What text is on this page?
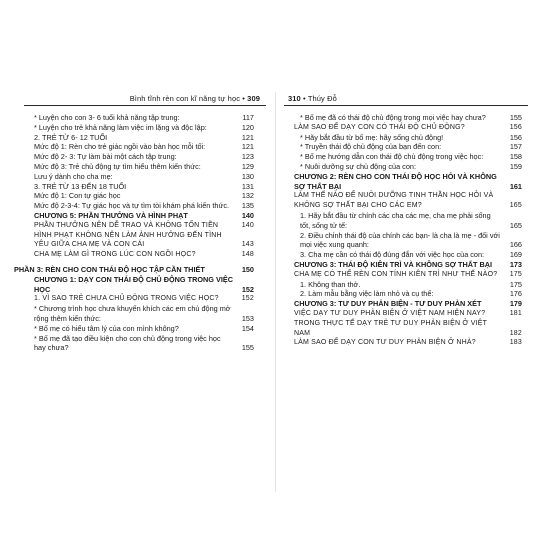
Bình tĩnh rèn con kĩ năng tự học • 309
* Luyện cho con 3- 6 tuổi khả năng tập trung:	117
* Luyện cho trẻ khả năng làm việc im lặng và độc lập:	120
2. TRẺ TỪ 6- 12 TUỔI	121
Mức độ 1: Rèn cho trẻ giác ngồi vào bàn học mỗi tối:	121
Mức độ 2- 3: Tự làm bài một cách tập trung:	123
Mức độ 3: Trẻ chủ động tự tìm hiểu thêm kiến thức:	129
Lưu ý dành cho cha mẹ:	130
3. TRẺ TỪ 13 ĐẾN 18 TUỔI	131
Mức độ 1: Con tự giác học	132
Mức độ 2-3-4: Tự giác học và tự tìm tòi khám phá kiến thức.	135
CHƯƠNG 5: PHẦN THƯỞNG VÀ HÌNH PHẠT	140
PHẦN THƯỞNG NÊN DỄ TRAO VÀ KHÔNG TỐN TIỀN	140
HÌNH PHẠT KHÔNG NÊN LÀM ẢNH HƯỞNG ĐẾN TÌNH YÊU GIỮA CHA MẸ VÀ CON CÁI	143
CHA MẸ LÀM GÌ TRONG LÚC CON NGỒI HỌC?	148
PHẦN 3: RÈN CHO CON THÁI ĐỘ HỌC TẬP CẦN THIẾT	150
CHƯƠNG 1: DẠY CON THÁI ĐỘ CHỦ ĐỘNG TRONG VIỆC HỌC	152
1. VÌ SAO TRẺ CHƯA CHỦ ĐỘNG TRONG VIỆC HỌC?	152
* Chương trình học chưa khuyến khích các em chủ động mở rộng thêm kiến thức:	153
* Bố mẹ có hiểu tâm lý của con mình không?	154
* Bố mẹ đã tạo điều kiện cho con chủ động trong việc học hay chưa?	155
310 • Thúy Đỗ
* Bố mẹ đã có thái độ chủ động trong mọi việc hay chưa?	155
LÀM SAO ĐỂ DẠY CON CÓ THÁI ĐỘ CHỦ ĐỘNG?	156
* Hãy bắt đầu từ bố mẹ: hãy sống chủ động!	156
* Truyền thái độ chủ động của bạn đến con:	157
* Bố mẹ hướng dẫn con thái độ chủ động trong việc học:	158
* Nuôi dưỡng sự chủ động của con:	159
CHƯƠNG 2: RÈN CHO CON THÁI ĐỘ HỌC HỎI VÀ KHÔNG SỢ THẤT BẠI	161
LÀM THẾ NÀO ĐỂ NUÔI DƯỠNG TINH THẦN HỌC HỎI VÀ KHÔNG SỢ THẤT BẠI CHO CÁC EM?	165
1. Hãy bắt đầu từ chính các cha các mẹ, cha mẹ phải sống tốt, sống tử tế:	165
2. Điều chỉnh thái độ của chính các bạn- là cha là mẹ - đối với mọi việc xung quanh:	166
3. Cha mẹ cần có thái độ đúng đắn với việc học của con:	169
CHƯƠNG 3: THÁI ĐỘ KIÊN TRÌ VÀ KHÔNG SỢ THẤT BẠI	173
CHA MẸ CÓ THỂ RÈN CON TÍNH KIÊN TRÌ NHƯ THẾ NÀO?	175
1. Không than thở.	175
2. Làm mẫu bằng việc làm nhỏ và cụ thể:	176
CHƯƠNG 3: TƯ DUY PHẢN BIỆN - TƯ DUY PHẢN XÉT	179
VIỆC DẠY TƯ DUY PHẢN BIỆN Ở VIỆT NAM HIỆN NAY?	181
TRONG THỰC TẾ DẠY TRẺ TƯ DUY PHẢN BIỆN Ở VIỆT NAM	182
LÀM SAO ĐỂ DẠY CON TƯ DUY PHẢN BIỆN Ở NHÀ?	183
